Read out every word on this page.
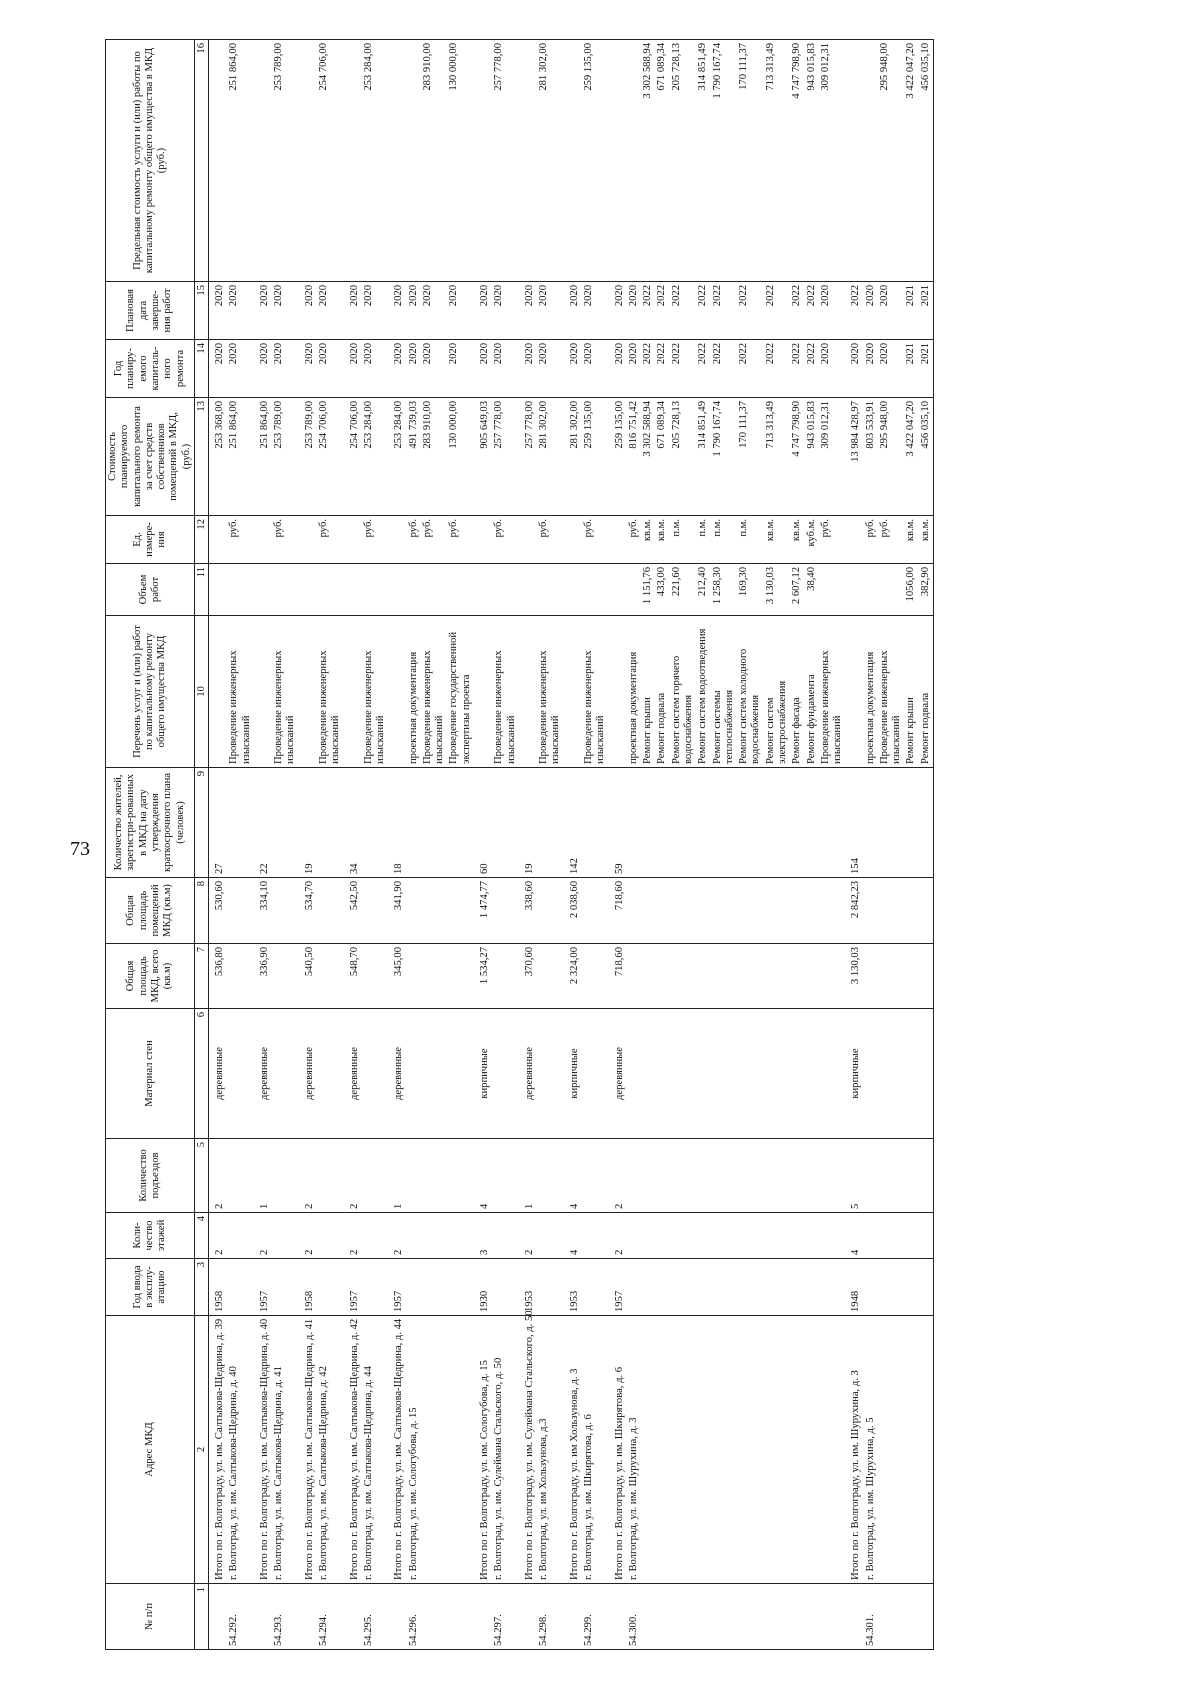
73
№ п/п	Адрес МКД	Год ввода в эксплу-атацию	Коли-чество этажей	Количество подъездов	Материал стен	Общая площадь МКД, всего (кв.м)	Общая площадь помещений МКД (кв.м)	Количество жителей, зарегистри-рованных в МКД на дату утверждения краткосрочного плана (человек)	Перечень услуг и (или) работ по капитальному ремонту общего имущества МКД	Объем работ	Ед. измере-ния	Стоимость планируемого капитального ремонта за счет средств собственников помещений в МКД, (руб.)	Год планиру-емого капиталь-ного ремонта	Плановая дата заверше-ния работ	Предельная стоимость услуги и (или) работы по капитальному ремонту общего имущества в МКД (руб.)
1	2	3	4	5	6	7	8	9	10	11	12	13	14	15	16

	Итого по г. Волгограду, ул. им. Салтыкова-Щедрина, д. 39	1958	2	2	деревянные	536,80	530,60	27				253 368,00	2020	2020	
54.292.	г. Волгоград, ул. им. Салтыкова-Щедрина, д. 40								Проведение инженерных изысканий		руб.	251 864,00	2020	2020	251 864,00

	Итого по г. Волгограду, ул. им. Салтыкова-Щедрина, д. 40	1957	2	1	деревянные	336,90	334,10	22				251 864,00	2020	2020	
54.293.	г. Волгоград, ул. им. Салтыкова-Щедрина, д. 41								Проведение инженерных изысканий		руб.	253 789,00	2020	2020	253 789,00

	Итого по г. Волгограду, ул. им. Салтыкова-Щедрина, д. 41	1958	2	2	деревянные	540,50	534,70	19				253 789,00	2020	2020	
54.294.	г. Волгоград, ул. им. Салтыкова-Щедрина, д. 42								Проведение инженерных изысканий		руб.	254 706,00	2020	2020	254 706,00

	Итого по г. Волгограду, ул. им. Салтыкова-Щедрина, д. 42	1957	2	2	деревянные	548,70	542,50	34				254 706,00	2020	2020	
54.295.	г. Волгоград, ул. им. Салтыкова-Щедрина, д. 44								Проведение инженерных изысканий		руб.	253 284,00	2020	2020	253 284,00

	Итого по г. Волгограду, ул. им. Салтыкова-Щедрина, д. 44	1957	2	1	деревянные	345,00	341,90	18				253 284,00	2020	2020	
54.296.	г. Волгоград, ул. им. Сологубова, д. 15								проектная документация		руб.	491 739,03	2020	2020	

									Проведение инженерных изысканий		руб.	283 910,00	2020	2020	283 910,00

									Проведение государственной экспертизы проекта		руб.	130 000,00	2020	2020	130 000,00

	Итого по г. Волгограду, ул. им. Сологубова, д. 15	1930	3	4	кирпичные	1 534,27	1 474,77	60				905 649,03	2020	2020	
54.297.	г. Волгоград, ул. им. Сулеймана Стальского, д. 50								Проведение инженерных изысканий		руб.	257 778,00	2020	2020	257 778,00

	Итого по г. Волгограду, ул. им. Сулеймана Стальского, д. 50	1953	2	1	деревянные	370,60	338,60	19				257 778,00	2020	2020	
54.298.	г. Волгоград, ул. им Хользунова, д.3								Проведение инженерных изысканий		руб.	281 302,00	2020	2020	281 302,00

	Итого по г. Волгограду, ул. им Хользунова, д. 3	1953	4	4	кирпичные	2 324,00	2 038,60	142				281 302,00	2020	2020	
54.299.	г. Волгоград, ул. им. Шкирятова, д. 6								Проведение инженерных изысканий		руб.	259 135,00	2020	2020	259 135,00

	Итого по г. Волгограду, ул. им. Шкирятова, д. 6	1957	2	2	деревянные	718,60	718,60	59				259 135,00	2020	2020	
54.300.	г. Волгоград, ул. им. Шурухина, д. 3								проектная документация		руб.	816 751,42	2020	2020	

									Ремонт крыши	1 151,76	кв.м.	3 302 588,94	2022	2022	3 302 588,94

									Ремонт подвала	433,00	кв.м.	671 089,34	2022	2022	671 089,34

									Ремонт систем горячего водоснабжения	221,60	п.м.	205 728,13	2022	2022	205 728,13

									Ремонт систем водоотведения	212,40	п.м.	314 851,49	2022	2022	314 851,49

									Ремонт системы теплоснабжения	1 258,30	п.м.	1 790 167,74	2022	2022	1 790 167,74

									Ремонт систем холодного водоснабжения	169,30	п.м.	170 111,37	2022	2022	170 111,37

									Ремонт систем электроснабжения	3 130,03	кв.м.	713 313,49	2022	2022	713 313,49

									Ремонт фасада	2 607,12	кв.м.	4 747 798,90	2022	2022	4 747 798,90

									Ремонт фундамента	38,40	куб.м.	943 015,83	2022	2022	943 015,83

									Проведение инженерных изысканий		руб.	309 012,31	2020	2020	309 012,31

	Итого по г. Волгограду, ул. им. Шурухина, д. 3	1948	4	5	кирпичные	3 130,03	2 842,23	154				13 984 428,97	2020	2022	
54.301.	г. Волгоград, ул. им. Шурухина, д. 5								проектная документация		руб.	803 533,91	2020	2020	

									Проведение инженерных изысканий		руб.	295 948,00	2020	2020	295 948,00

									Ремонт крыши	1056,00	кв.м.	3 422 047,20	2021	2021	3 422 047,20

									Ремонт подвала	382,90	кв.м.	456 035,10	2021	2021	456 035,10
